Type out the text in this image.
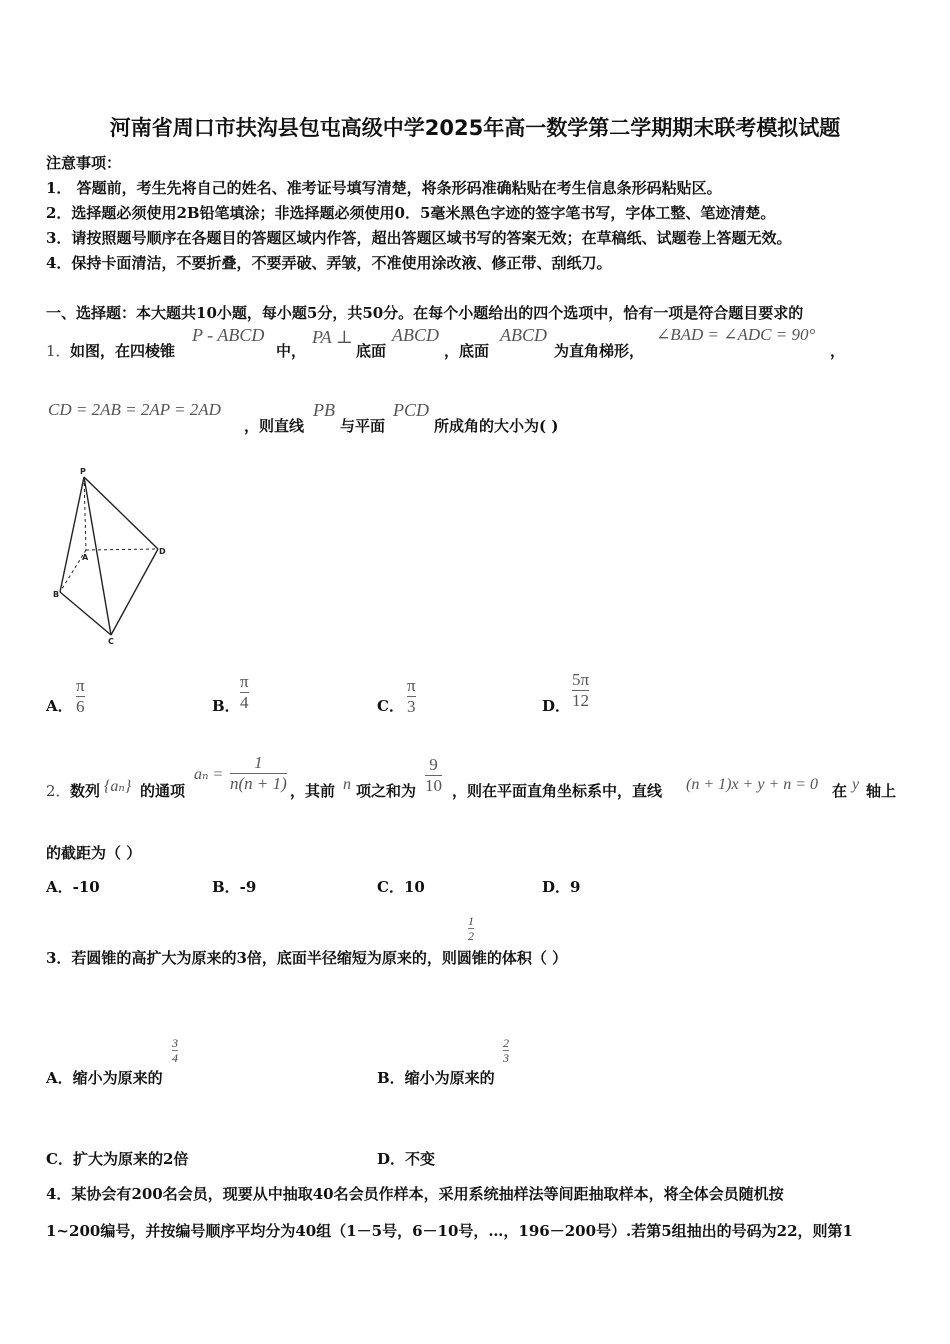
河南省周口市扶沟县包屯高级中学2025年高一数学第二学期期末联考模拟试题
注意事项：
1． 答题前，考生先将自己的姓名、准考证号填写清楚，将条形码准确粘贴在考生信息条形码粘贴区。
2．选择题必须使用2B铅笔填涂；非选择题必须使用0．5毫米黑色字迹的签字笔书写，字体工整、笔迹清楚。
3．请按照题号顺序在各题目的答题区域内作答，超出答题区域书写的答案无效；在草稿纸、试题卷上答题无效。
4．保持卡面清洁，不要折叠，不要弄破、弄皱，不准使用涂改液、修正带、刮纸刀。
一、选择题：本大题共10小题，每小题5分，共50分。在每个小题给出的四个选项中，恰有一项是符合题目要求的
1． 如图，在四棱锥
P - ABCD
中，
PA ⊥
底面
ABCD
，底面
ABCD
为直角梯形，
∠BAD = ∠ADC = 90°
，
CD = 2AB = 2AP = 2AD
，则直线
PB
与平面
PCD
所成角的大小为( )
P
A
B
C
D
A．
π
6	B．
π
4	C．
π
3	D．
5π
12
2． 数列 {aₙ} 的通项
aₙ =
1
n(n + 1) ，其前 n 项之和为
9
10 ，则在平面直角坐标系中，直线 (n + 1)x + y + n = 0 在 y 轴上
的截距为（ ）
A．-10	B．-9	C．10	D．9
1
2
3．若圆锥的高扩大为原来的3倍，底面半径缩短为原来的，则圆锥的体积（ ）
3
4
A．缩小为原来的
2
3
B．缩小为原来的
C．扩大为原来的2倍	D．不变
4．某协会有200名会员，现要从中抽取40名会员作样本，采用系统抽样法等间距抽取样本，将全体会员随机按
1~200编号，并按编号顺序平均分为40组（1－5号，6－10号，…，196－200号）.若第5组抽出的号码为22，则第1
